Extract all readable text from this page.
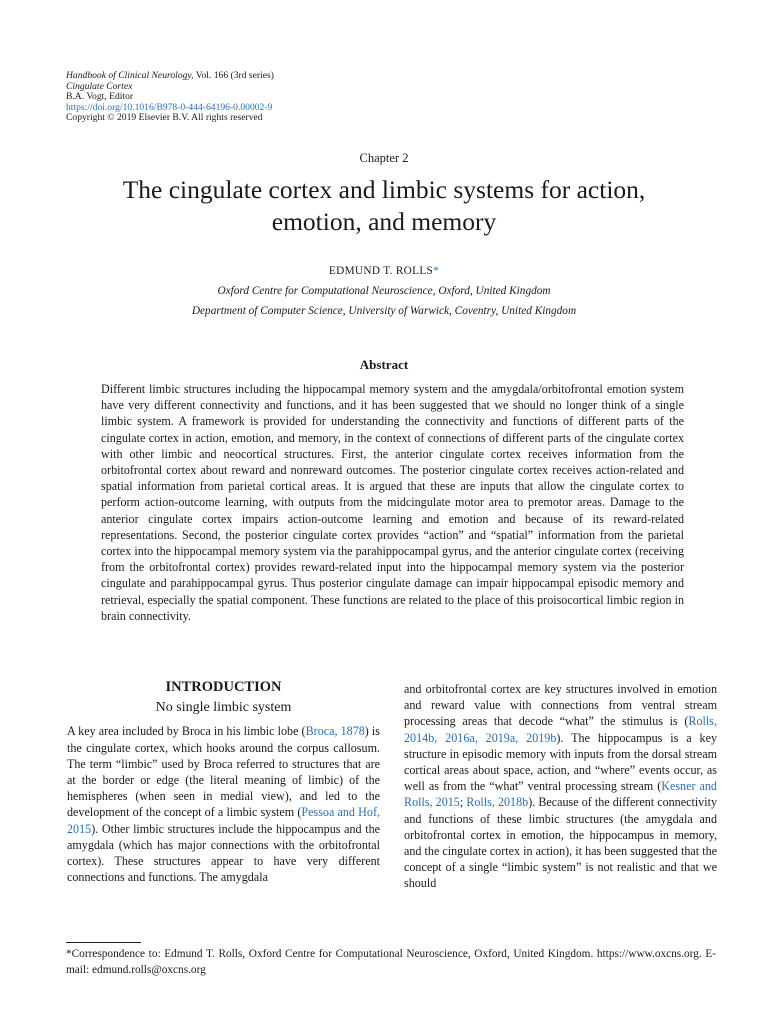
Handbook of Clinical Neurology, Vol. 166 (3rd series)
Cingulate Cortex
B.A. Vogt, Editor
https://doi.org/10.1016/B978-0-444-64196-0.00002-9
Copyright © 2019 Elsevier B.V. All rights reserved
Chapter 2
The cingulate cortex and limbic systems for action,
emotion, and memory
EDMUND T. ROLLS*
Oxford Centre for Computational Neuroscience, Oxford, United Kingdom
Department of Computer Science, University of Warwick, Coventry, United Kingdom
Abstract
Different limbic structures including the hippocampal memory system and the amygdala/orbitofrontal emotion system have very different connectivity and functions, and it has been suggested that we should no longer think of a single limbic system. A framework is provided for understanding the connectivity and functions of different parts of the cingulate cortex in action, emotion, and memory, in the context of connections of different parts of the cingulate cortex with other limbic and neocortical structures. First, the anterior cingulate cortex receives information from the orbitofrontal cortex about reward and nonreward outcomes. The posterior cingulate cortex receives action-related and spatial information from parietal cortical areas. It is argued that these are inputs that allow the cingulate cortex to perform action-outcome learning, with outputs from the midcingulate motor area to premotor areas. Damage to the anterior cingulate cortex impairs action-outcome learning and emotion and because of its reward-related representations. Second, the posterior cingulate cortex provides “action” and “spatial” information from the parietal cortex into the hippocampal memory system via the parahippocampal gyrus, and the anterior cingulate cortex (receiving from the orbitofrontal cortex) provides reward-related input into the hippocampal memory system via the posterior cingulate and parahippocampal gyrus. Thus posterior cingulate damage can impair hippocampal episodic memory and retrieval, especially the spatial component. These functions are related to the place of this proisocortical limbic region in brain connectivity.
INTRODUCTION
No single limbic system

A key area included by Broca in his limbic lobe (Broca, 1878) is the cingulate cortex, which hooks around the corpus callosum. The term “limbic” used by Broca referred to structures that are at the border or edge (the literal meaning of limbic) of the hemispheres (when seen in medial view), and led to the development of the concept of a limbic system (Pessoa and Hof, 2015). Other limbic structures include the hippocampus and the amygdala (which has major connections with the orbitofrontal cortex). These structures appear to have very different connections and functions. The amygdala

and orbitofrontal cortex are key structures involved in emotion and reward value with connections from ventral stream processing areas that decode “what” the stimulus is (Rolls, 2014b, 2016a, 2019a, 2019b). The hippocampus is a key structure in episodic memory with inputs from the dorsal stream cortical areas about space, action, and “where” events occur, as well as from the “what” ventral processing stream (Kesner and Rolls, 2015; Rolls, 2018b). Because of the different connectivity and functions of these limbic structures (the amygdala and orbitofrontal cortex in emotion, the hippocampus in memory, and the cingulate cortex in action), it has been suggested that the concept of a single “limbic system” is not realistic and that we should

*Correspondence to: Edmund T. Rolls, Oxford Centre for Computational Neuroscience, Oxford, United Kingdom. https://www.oxcns.org. E-mail: edmund.rolls@oxcns.org
